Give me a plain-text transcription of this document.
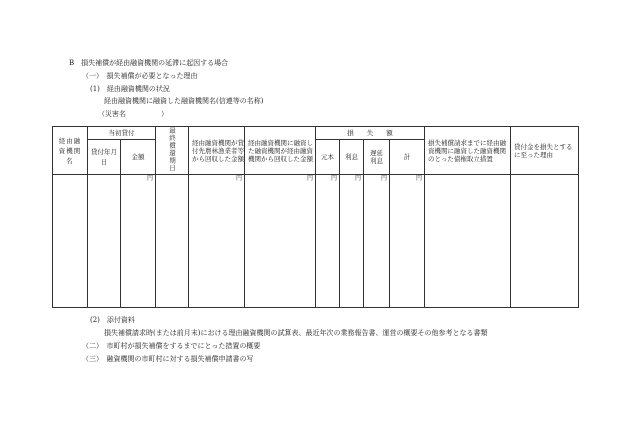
B　損失補償が経由融資機関の延滞に起因する場合
（一）　損失補償が必要となった理由
(1)　経由融資機関の状況
経由融資機関に融資した融資機関名(信連等の名称)
（災害名　　　　　）
経由融資機関名	当初貸付		最終償還期日	経由融資機関が貸付先農林漁業者等から回収した金額	経由融資機関に融資した融資機関が経由融資機関から回収した金額	損　　失　　額				損失補償請求までに経由融資機関に融資した融資機関のとった債権取立措置	貸付金を損失とするに至った理由

	貸付年月日	金額				元本	利息	遅延利息	計		
		円		円	円	円	円	円	円		
(2)　添付資料
損失補償請求時(または前月末)における理由融資機関の試算表、最近年次の業務報告書、運営の概要その他参考となる書類
（二）　市町村が損失補償をするまでにとった措置の概要
（三）　融資機関の市町村に対する損失補償申請書の写
